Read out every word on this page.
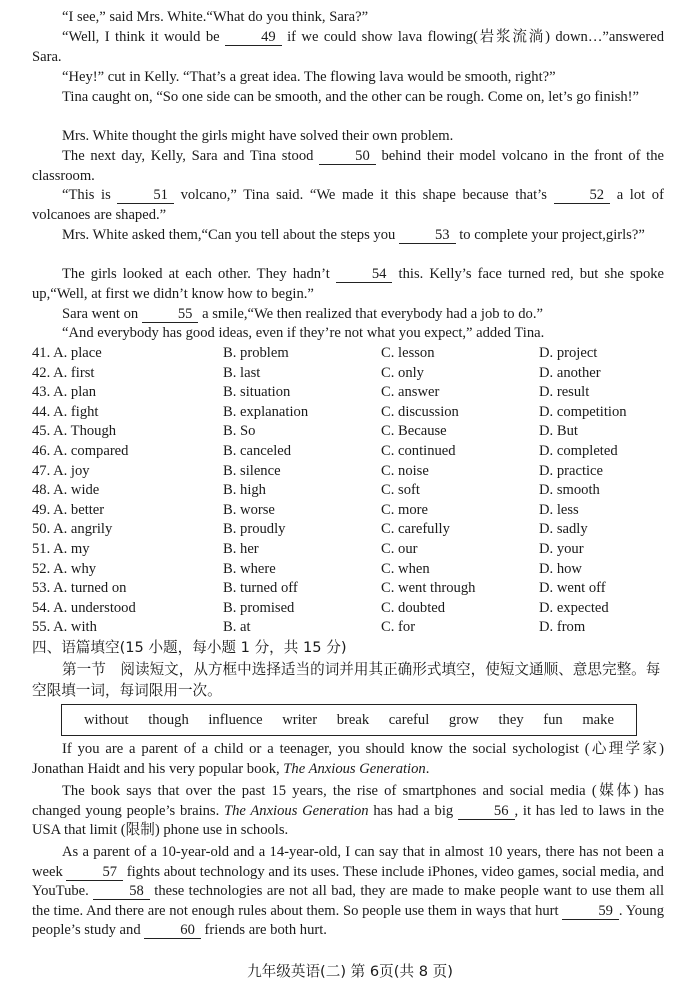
“I see,” said Mrs. White.“What do you think, Sara?”

“Well, I think it would be	49 if we could show lava flowing(岩浆流淌) down…”answered Sara.

“Hey!” cut in Kelly. “That’s a great idea. The flowing lava would be smooth, right?”

Tina caught on, “So one side can be smooth, and the other can be rough. Come on, let’s go finish!”

Mrs. White thought the girls might have solved their own problem.

The next day, Kelly, Sara and Tina stood	50 behind their model volcano in the front of the classroom.

“This is	51 volcano,” Tina said. “We made it this shape because that’s	52 a lot of volcanoes are shaped.”

Mrs. White asked them,“Can you tell about the steps you	53 to complete your project,girls?”

The girls looked at each other. They hadn’t	54 this. Kelly’s face turned red, but she spoke up,“Well, at first we didn’t know how to begin.”

Sara went on	55 a smile,“We then realized that everybody had a job to do.”

“And everybody has good ideas, even if they’re not what you expect,” added Tina.

41. A. place	B. problem	C. lesson	D. project
42. A. first	B. last	C. only	D. another
43. A. plan	B. situation	C. answer	D. result
44. A. fight	B. explanation	C. discussion	D. competition
45. A. Though	B. So	C. Because	D. But
46. A. compared	B. canceled	C. continued	D. completed
47. A. joy	B. silence	C. noise	D. practice
48. A. wide	B. high	C. soft	D. smooth
49. A. better	B. worse	C. more	D. less
50. A. angrily	B. proudly	C. carefully	D. sadly
51. A. my	B. her	C. our	D. your
52. A. why	B. where	C. when	D. how
53. A. turned on	B. turned off	C. went through	D. went off
54. A. understood	B. promised	C. doubted	D. expected
55. A. with	B. at	C. for	D. from
四、语篇填空(15 小题，每小题 1 分，共 15 分)

第一节　阅读短文，从方框中选择适当的词并用其正确形式填空，使短文通顺、意思完整。每空限填一词，每词限用一次。

without though influence writer break careful grow they fun make

If you are a parent of a child or a teenager, you should know the social sychologist (心理学家) Jonathan Haidt and his very popular book, The Anxious Generation.

The book says that over the past 15 years, the rise of smartphones and social media (媒体) has changed young people’s brains. The Anxious Generation has had a big	56 , it has led to laws in the USA that limit (限制) phone use in schools.

As a parent of a 10-year-old and a 14-year-old, I can say that in almost 10 years, there has not been a week	57 fights about technology and its uses. These include iPhones, video games, social media, and YouTube.	58 these technologies are not all bad, they are made to make people want to use them all the time. And there are not enough rules about them. So people use them in ways that hurt	59 . Young people’s study and	60 friends are both hurt.

九年级英语(二) 第 6页(共 8 页)
